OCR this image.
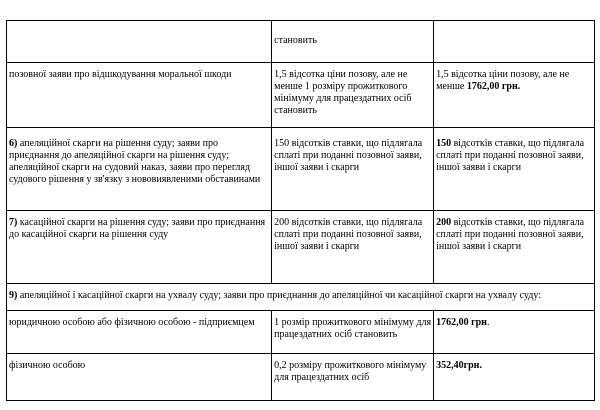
	становить	
позовної заяви про відшкодування моральної шкоди	1,5 відсотка ціни позову, але не менше 1 розміру прожиткового мінімуму для працездатних осіб становить	1,5 відсотка ціни позову, але не менше 1762,00 грн.
6) апеляційної скарги на рішення суду; заяви про приєднання до апеляційної скарги на рішення суду; апеляційної скарги на судовий наказ, заяви про перегляд судового рішення у зв'язку з нововиявленими обставинами	150 відсотків ставки, що підлягала сплаті при поданні позовної заяви, іншої заяви і скарги	150 відсотків ставки, що підлягала сплаті при поданні позовної заяви, іншої заяви і скарги
7) касаційної скарги на рішення суду; заяви про приєднання до касаційної скарги на рішення суду	200 відсотків ставки, що підлягала сплаті при поданні позовної заяви, іншої заяви і скарги	200 відсотків ставки, що підлягала сплаті при поданні позовної заяви, іншої заяви і скарги
9) апеляційної і касаційної скарги на ухвалу суду; заяви про приєднання до апеляційної чи касаційної скарги на ухвалу суду:		
юридичною особою або фізичною особою - підприємцем	1 розмір прожиткового мінімуму для працездатних осіб становить	1762,00 грн.
фізичною особою	0,2 розміру прожиткового мінімуму для працездатних осіб	352,40грн.
